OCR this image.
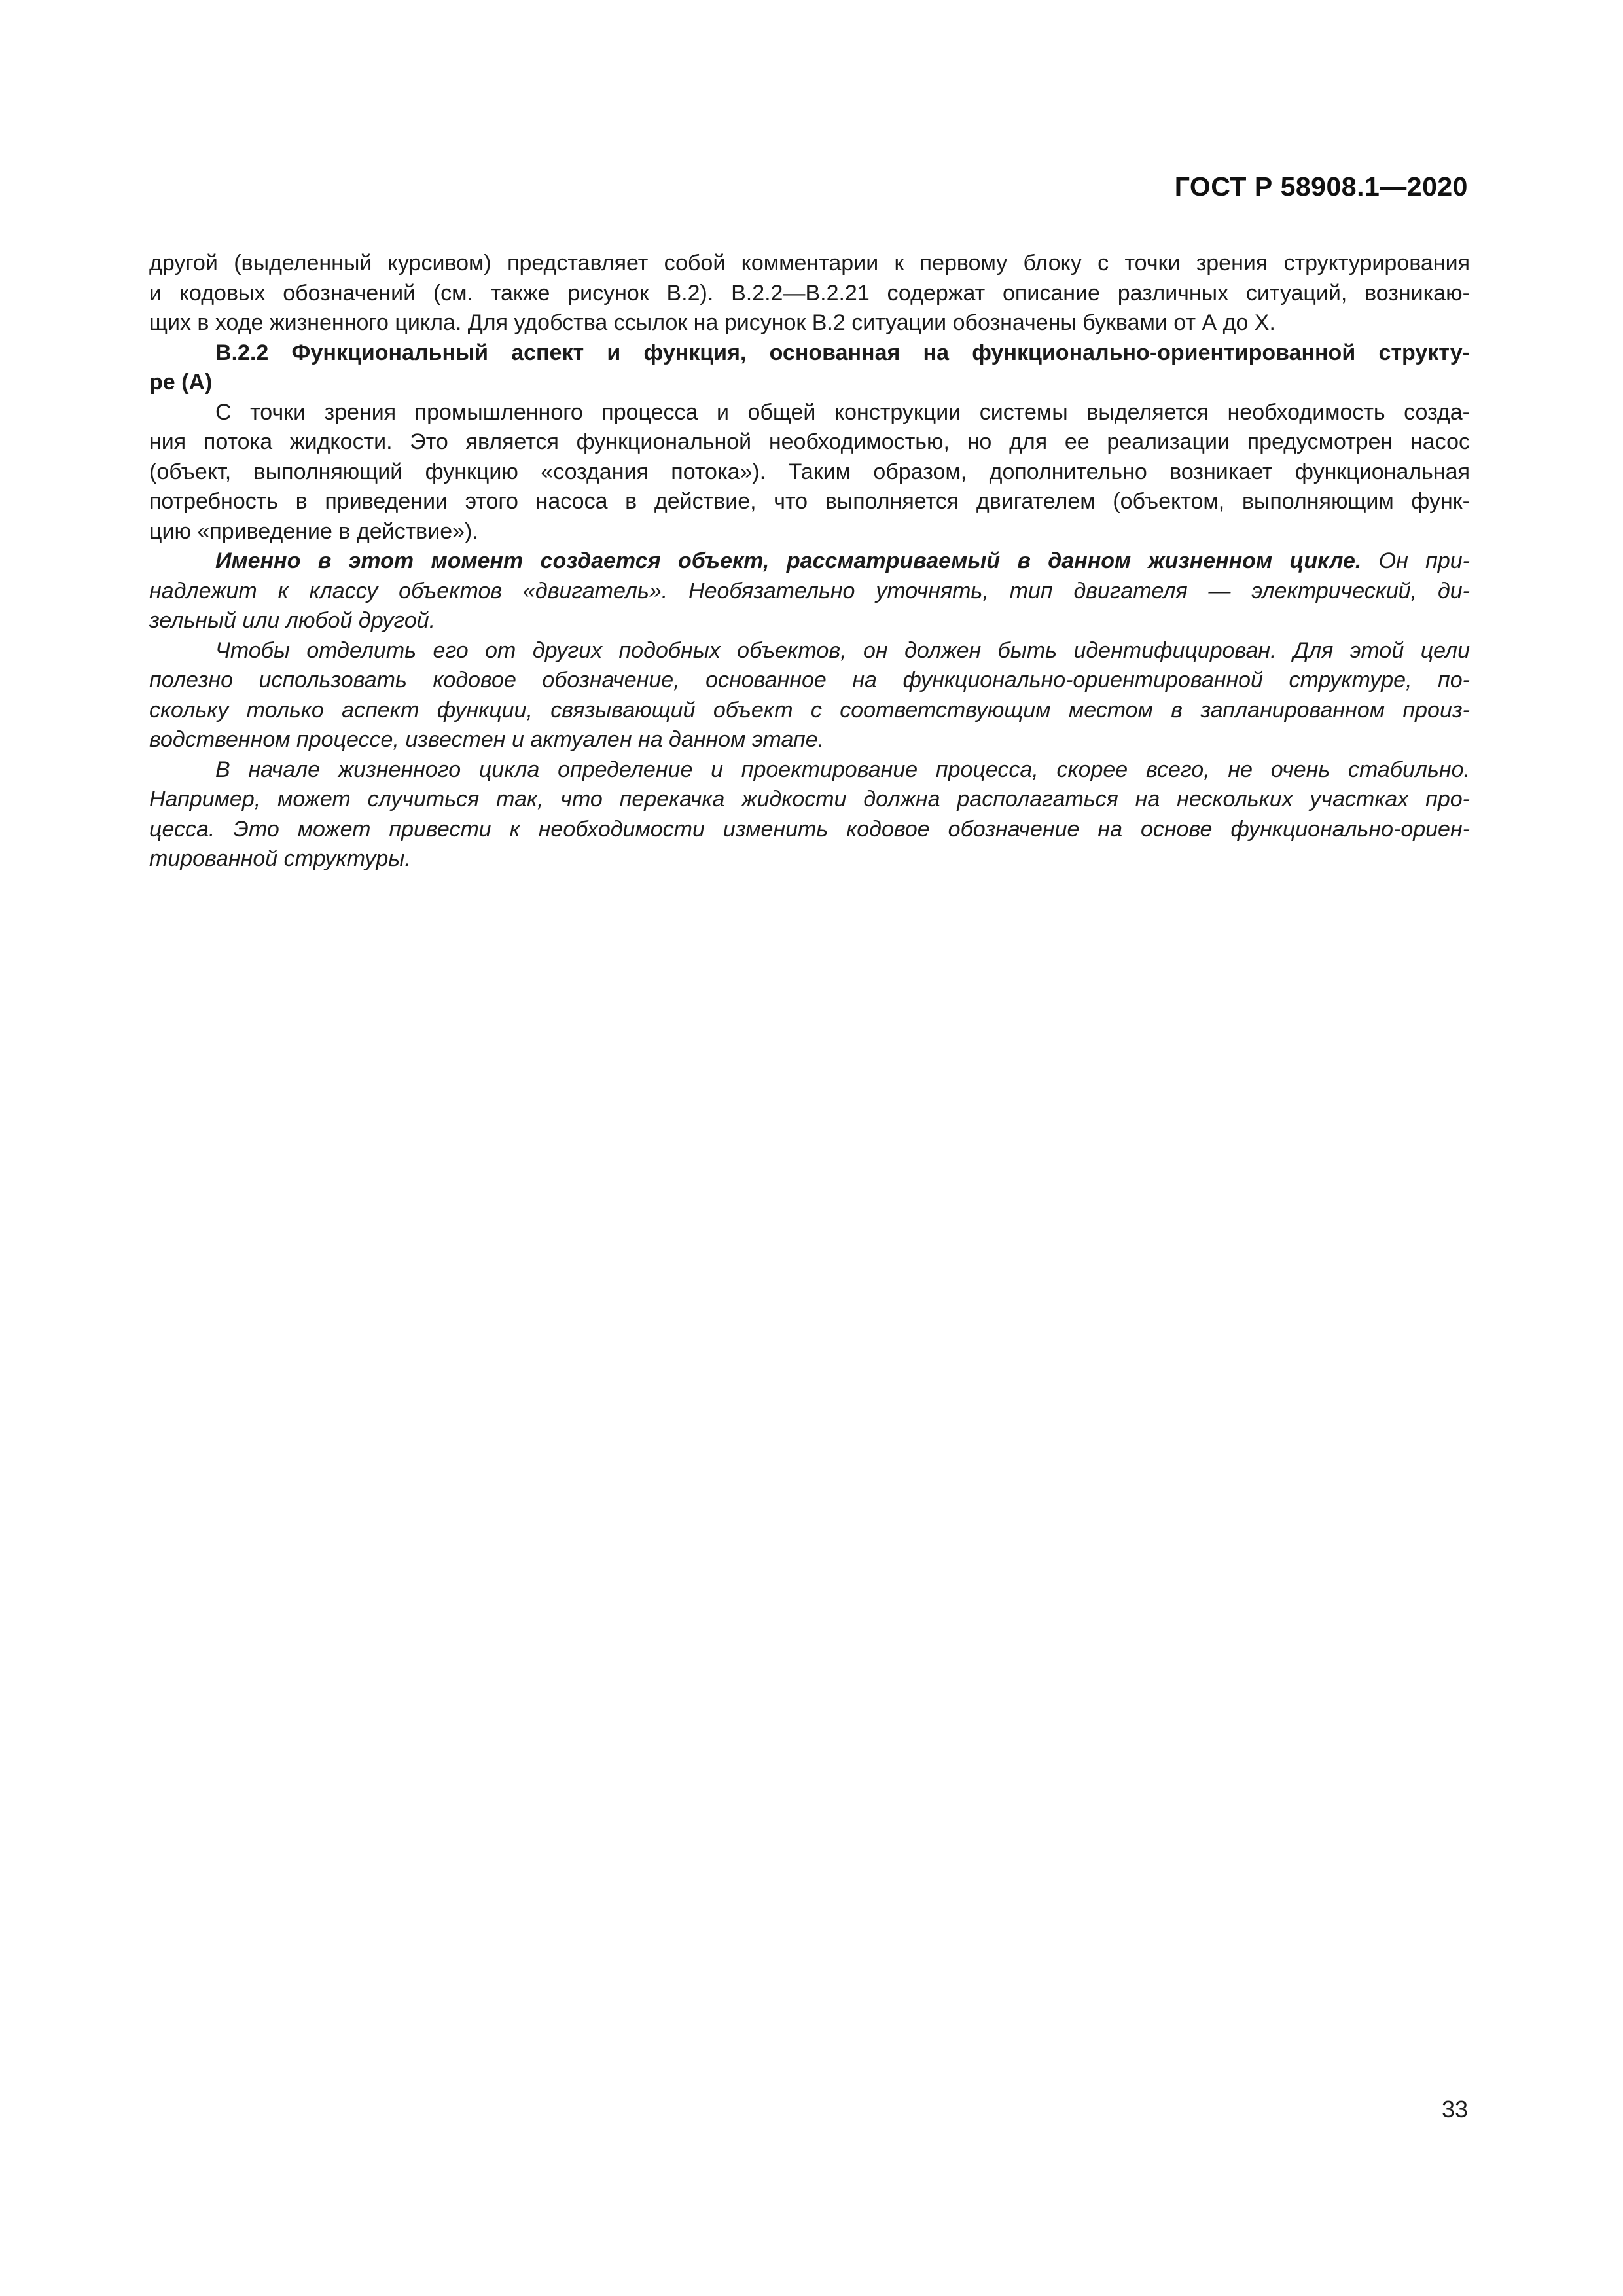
ГОСТ Р 58908.1—2020
другой (выделенный курсивом) представляет собой комментарии к первому блоку с точки зрения структурирования
и кодовых обозначений (см. также рисунок В.2). В.2.2—В.2.21 содержат описание различных ситуаций, возникаю-
щих в ходе жизненного цикла. Для удобства ссылок на рисунок В.2 ситуации обозначены буквами от А до Х.
В.2.2 Функциональный аспект и функция, основанная на функционально-ориентированной структу-
ре (А)
С точки зрения промышленного процесса и общей конструкции системы выделяется необходимость созда-
ния потока жидкости. Это является функциональной необходимостью, но для ее реализации предусмотрен насос
(объект, выполняющий функцию «создания потока»). Таким образом, дополнительно возникает функциональная
потребность в приведении этого насоса в действие, что выполняется двигателем (объектом, выполняющим функ-
цию «приведение в действие»).
Именно в этот момент создается объект, рассматриваемый в данном жизненном цикле. Он при-
надлежит к классу объектов «двигатель». Необязательно уточнять, тип двигателя — электрический, ди-
зельный или любой другой.
Чтобы отделить его от других подобных объектов, он должен быть идентифицирован. Для этой цели
полезно использовать кодовое обозначение, основанное на функционально-ориентированной структуре, по-
скольку только аспект функции, связывающий объект с соответствующим местом в запланированном произ-
водственном процессе, известен и актуален на данном этапе.
В начале жизненного цикла определение и проектирование процесса, скорее всего, не очень стабильно.
Например, может случиться так, что перекачка жидкости должна располагаться на нескольких участках про-
цесса. Это может привести к необходимости изменить кодовое обозначение на основе функционально-ориен-
тированной структуры.
33
